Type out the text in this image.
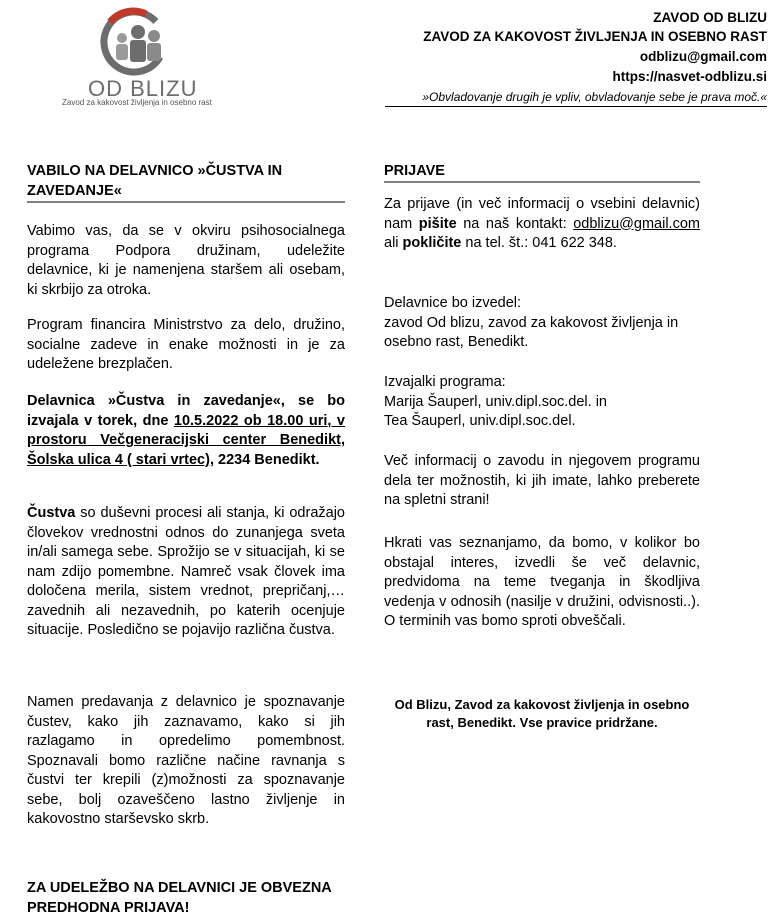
OD BLIZU
Zavod za kakovost življenja in osebno rast
ZAVOD OD BLIZU
ZAVOD ZA KAKOVOST ŽIVLJENJA IN OSEBNO RAST
odblizu@gmail.com
https://nasvet-odblizu.si
»Obvladovanje drugih je vpliv, obvladovanje sebe je prava moč.«
VABILO NA DELAVNICO »ČUSTVA IN ZAVEDANJE«
Vabimo vas, da se v okviru psihosocialnega programa Podpora družinam, udeležite delavnice, ki je namenjena staršem ali osebam, ki skrbijo za otroka.
Program financira Ministrstvo za delo, družino, socialne zadeve in enake možnosti in je za udeležene brezplačen.
Delavnica »Čustva in zavedanje«, se bo izvajala v torek, dne 10.5.2022 ob 18.00 uri, v prostoru Večgeneracijski center Benedikt, Šolska ulica 4 ( stari vrtec), 2234 Benedikt.
Čustva so duševni procesi ali stanja, ki odražajo človekov vrednostni odnos do zunanjega sveta in/ali samega sebe. Sprožijo se v situacijah, ki se nam zdijo pomembne. Namreč vsak človek ima določena merila, sistem vrednot, prepričanj,… zavednih ali nezavednih, po katerih ocenjuje situacije. Posledično se pojavijo različna čustva.
Namen predavanja z delavnico je spoznavanje čustev, kako jih zaznavamo, kako si jih razlagamo in opredelimo pomembnost. Spoznavali bomo različne načine ravnanja s čustvi ter krepili (z)možnosti za spoznavanje sebe, bolj ozaveščeno lastno življenje in kakovostno starševsko skrb.
ZA UDELEŽBO NA DELAVNICI JE OBVEZNA PREDHODNA PRIJAVA!
PRIJAVE
Za prijave (in več informacij o vsebini delavnic) nam pišite na naš kontakt: odblizu@gmail.com ali pokličite na tel. št.: 041 622 348.
Delavnice bo izvedel:
zavod Od blizu, zavod za kakovost življenja in osebno rast, Benedikt.
Izvajalki programa:
Marija Šauperl, univ.dipl.soc.del. in
Tea Šauperl, univ.dipl.soc.del.
Več informacij o zavodu in njegovem programu dela ter možnostih, ki jih imate, lahko preberete na spletni strani!
Hkrati vas seznanjamo, da bomo, v kolikor bo obstajal interes, izvedli še več delavnic, predvidoma na teme tveganja in škodljiva vedenja v odnosih (nasilje v družini, odvisnosti..). O terminih vas bomo sproti obveščali.
Od Blizu, Zavod za kakovost življenja in osebno rast, Benedikt. Vse pravice pridržane.
